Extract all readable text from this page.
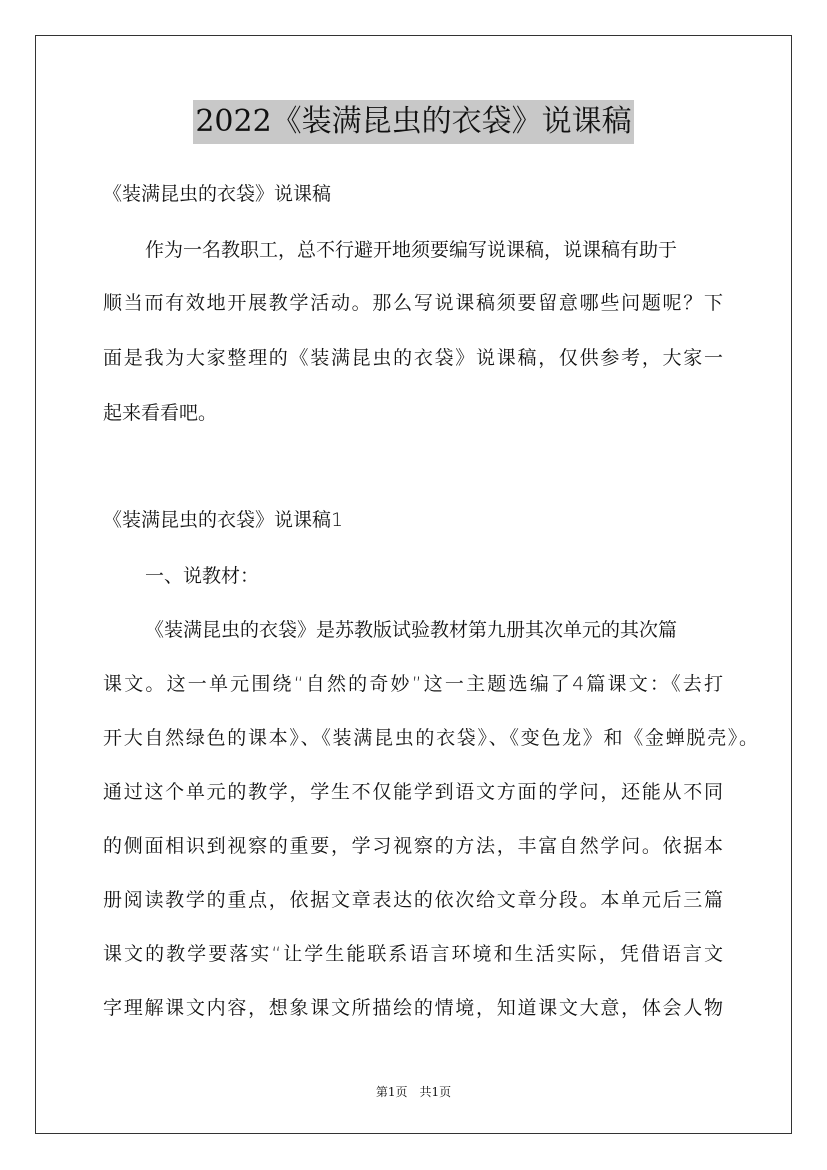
2022《装满昆虫的衣袋》说课稿
《装满昆虫的衣袋》说课稿
作为一名教职工，总不行避开地须要编写说课稿，说课稿有助于
顺当而有效地开展教学活动。那么写说课稿须要留意哪些问题呢？下
面是我为大家整理的《装满昆虫的衣袋》说课稿，仅供参考，大家一
起来看看吧。
《装满昆虫的衣袋》说课稿1
一、说教材：
《装满昆虫的衣袋》是苏教版试验教材第九册其次单元的其次篇
课文。这一单元围绕“自然的奇妙”这一主题选编了4篇课文：《去打
开大自然绿色的课本》、《装满昆虫的衣袋》、《变色龙》和《金蝉脱壳》。
通过这个单元的教学，学生不仅能学到语文方面的学问，还能从不同
的侧面相识到视察的重要，学习视察的方法，丰富自然学问。依据本
册阅读教学的重点，依据文章表达的依次给文章分段。本单元后三篇
课文的教学要落实“让学生能联系语言环境和生活实际，凭借语言文
字理解课文内容，想象课文所描绘的情境，知道课文大意，体会人物
第1页　共1页
